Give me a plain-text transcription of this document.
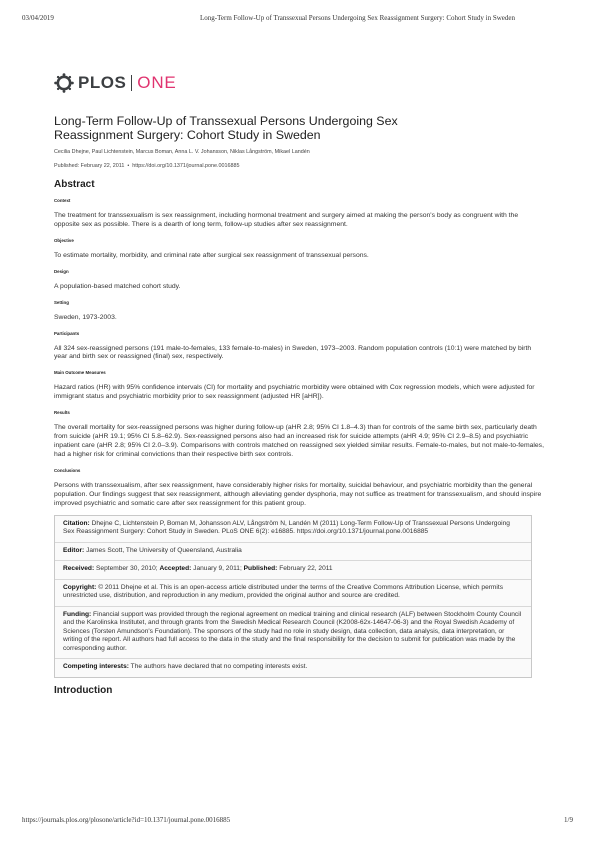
03/04/2019	Long-Term Follow-Up of Transsexual Persons Undergoing Sex Reassignment Surgery: Cohort Study in Sweden
PLOS ONE
Long-Term Follow-Up of Transsexual Persons Undergoing Sex Reassignment Surgery: Cohort Study in Sweden
Cecilia Dhejne, Paul Lichtenstein, Marcus Boman, Anna L. V. Johansson, Niklas Långström, Mikael Landén
Published: February 22, 2011  •  https://doi.org/10.1371/journal.pone.0016885
Abstract
Context

The treatment for transsexualism is sex reassignment, including hormonal treatment and surgery aimed at making the person's body as congruent with the opposite sex as possible. There is a dearth of long term, follow-up studies after sex reassignment.

Objective

To estimate mortality, morbidity, and criminal rate after surgical sex reassignment of transsexual persons.

Design

A population-based matched cohort study.

Setting

Sweden, 1973-2003.

Participants

All 324 sex-reassigned persons (191 male-to-females, 133 female-to-males) in Sweden, 1973–2003. Random population controls (10:1) were matched by birth year and birth sex or reassigned (final) sex, respectively.

Main Outcome Measures

Hazard ratios (HR) with 95% confidence intervals (CI) for mortality and psychiatric morbidity were obtained with Cox regression models, which were adjusted for immigrant status and psychiatric morbidity prior to sex reassignment (adjusted HR [aHR]).

Results

The overall mortality for sex-reassigned persons was higher during follow-up (aHR 2.8; 95% CI 1.8–4.3) than for controls of the same birth sex, particularly death from suicide (aHR 19.1; 95% CI 5.8–62.9). Sex-reassigned persons also had an increased risk for suicide attempts (aHR 4.9; 95% CI 2.9–8.5) and psychiatric inpatient care (aHR 2.8; 95% CI 2.0–3.9). Comparisons with controls matched on reassigned sex yielded similar results. Female-to-males, but not male-to-females, had a higher risk for criminal convictions than their respective birth sex controls.

Conclusions

Persons with transsexualism, after sex reassignment, have considerably higher risks for mortality, suicidal behaviour, and psychiatric morbidity than the general population. Our findings suggest that sex reassignment, although alleviating gender dysphoria, may not suffice as treatment for transsexualism, and should inspire improved psychiatric and somatic care after sex reassignment for this patient group.

Citation: Dhejne C, Lichtenstein P, Boman M, Johansson ALV, Långström N, Landén M (2011) Long-Term Follow-Up of Transsexual Persons Undergoing Sex Reassignment Surgery: Cohort Study in Sweden. PLoS ONE 6(2): e16885. https://doi.org/10.1371/journal.pone.0016885
Editor: James Scott, The University of Queensland, Australia
Received: September 30, 2010; Accepted: January 9, 2011; Published: February 22, 2011
Copyright: © 2011 Dhejne et al. This is an open-access article distributed under the terms of the Creative Commons Attribution License, which permits unrestricted use, distribution, and reproduction in any medium, provided the original author and source are credited.
Funding: Financial support was provided through the regional agreement on medical training and clinical research (ALF) between Stockholm County Council and the Karolinska Institutet, and through grants from the Swedish Medical Research Council (K2008-62x-14647-06-3) and the Royal Swedish Academy of Sciences (Torsten Amundson's Foundation). The sponsors of the study had no role in study design, data collection, data analysis, data interpretation, or writing of the report. All authors had full access to the data in the study and the final responsibility for the decision to submit for publication was made by the corresponding author.
Competing interests: The authors have declared that no competing interests exist.
Introduction
https://journals.plos.org/plosone/article?id=10.1371/journal.pone.0016885	1/9
